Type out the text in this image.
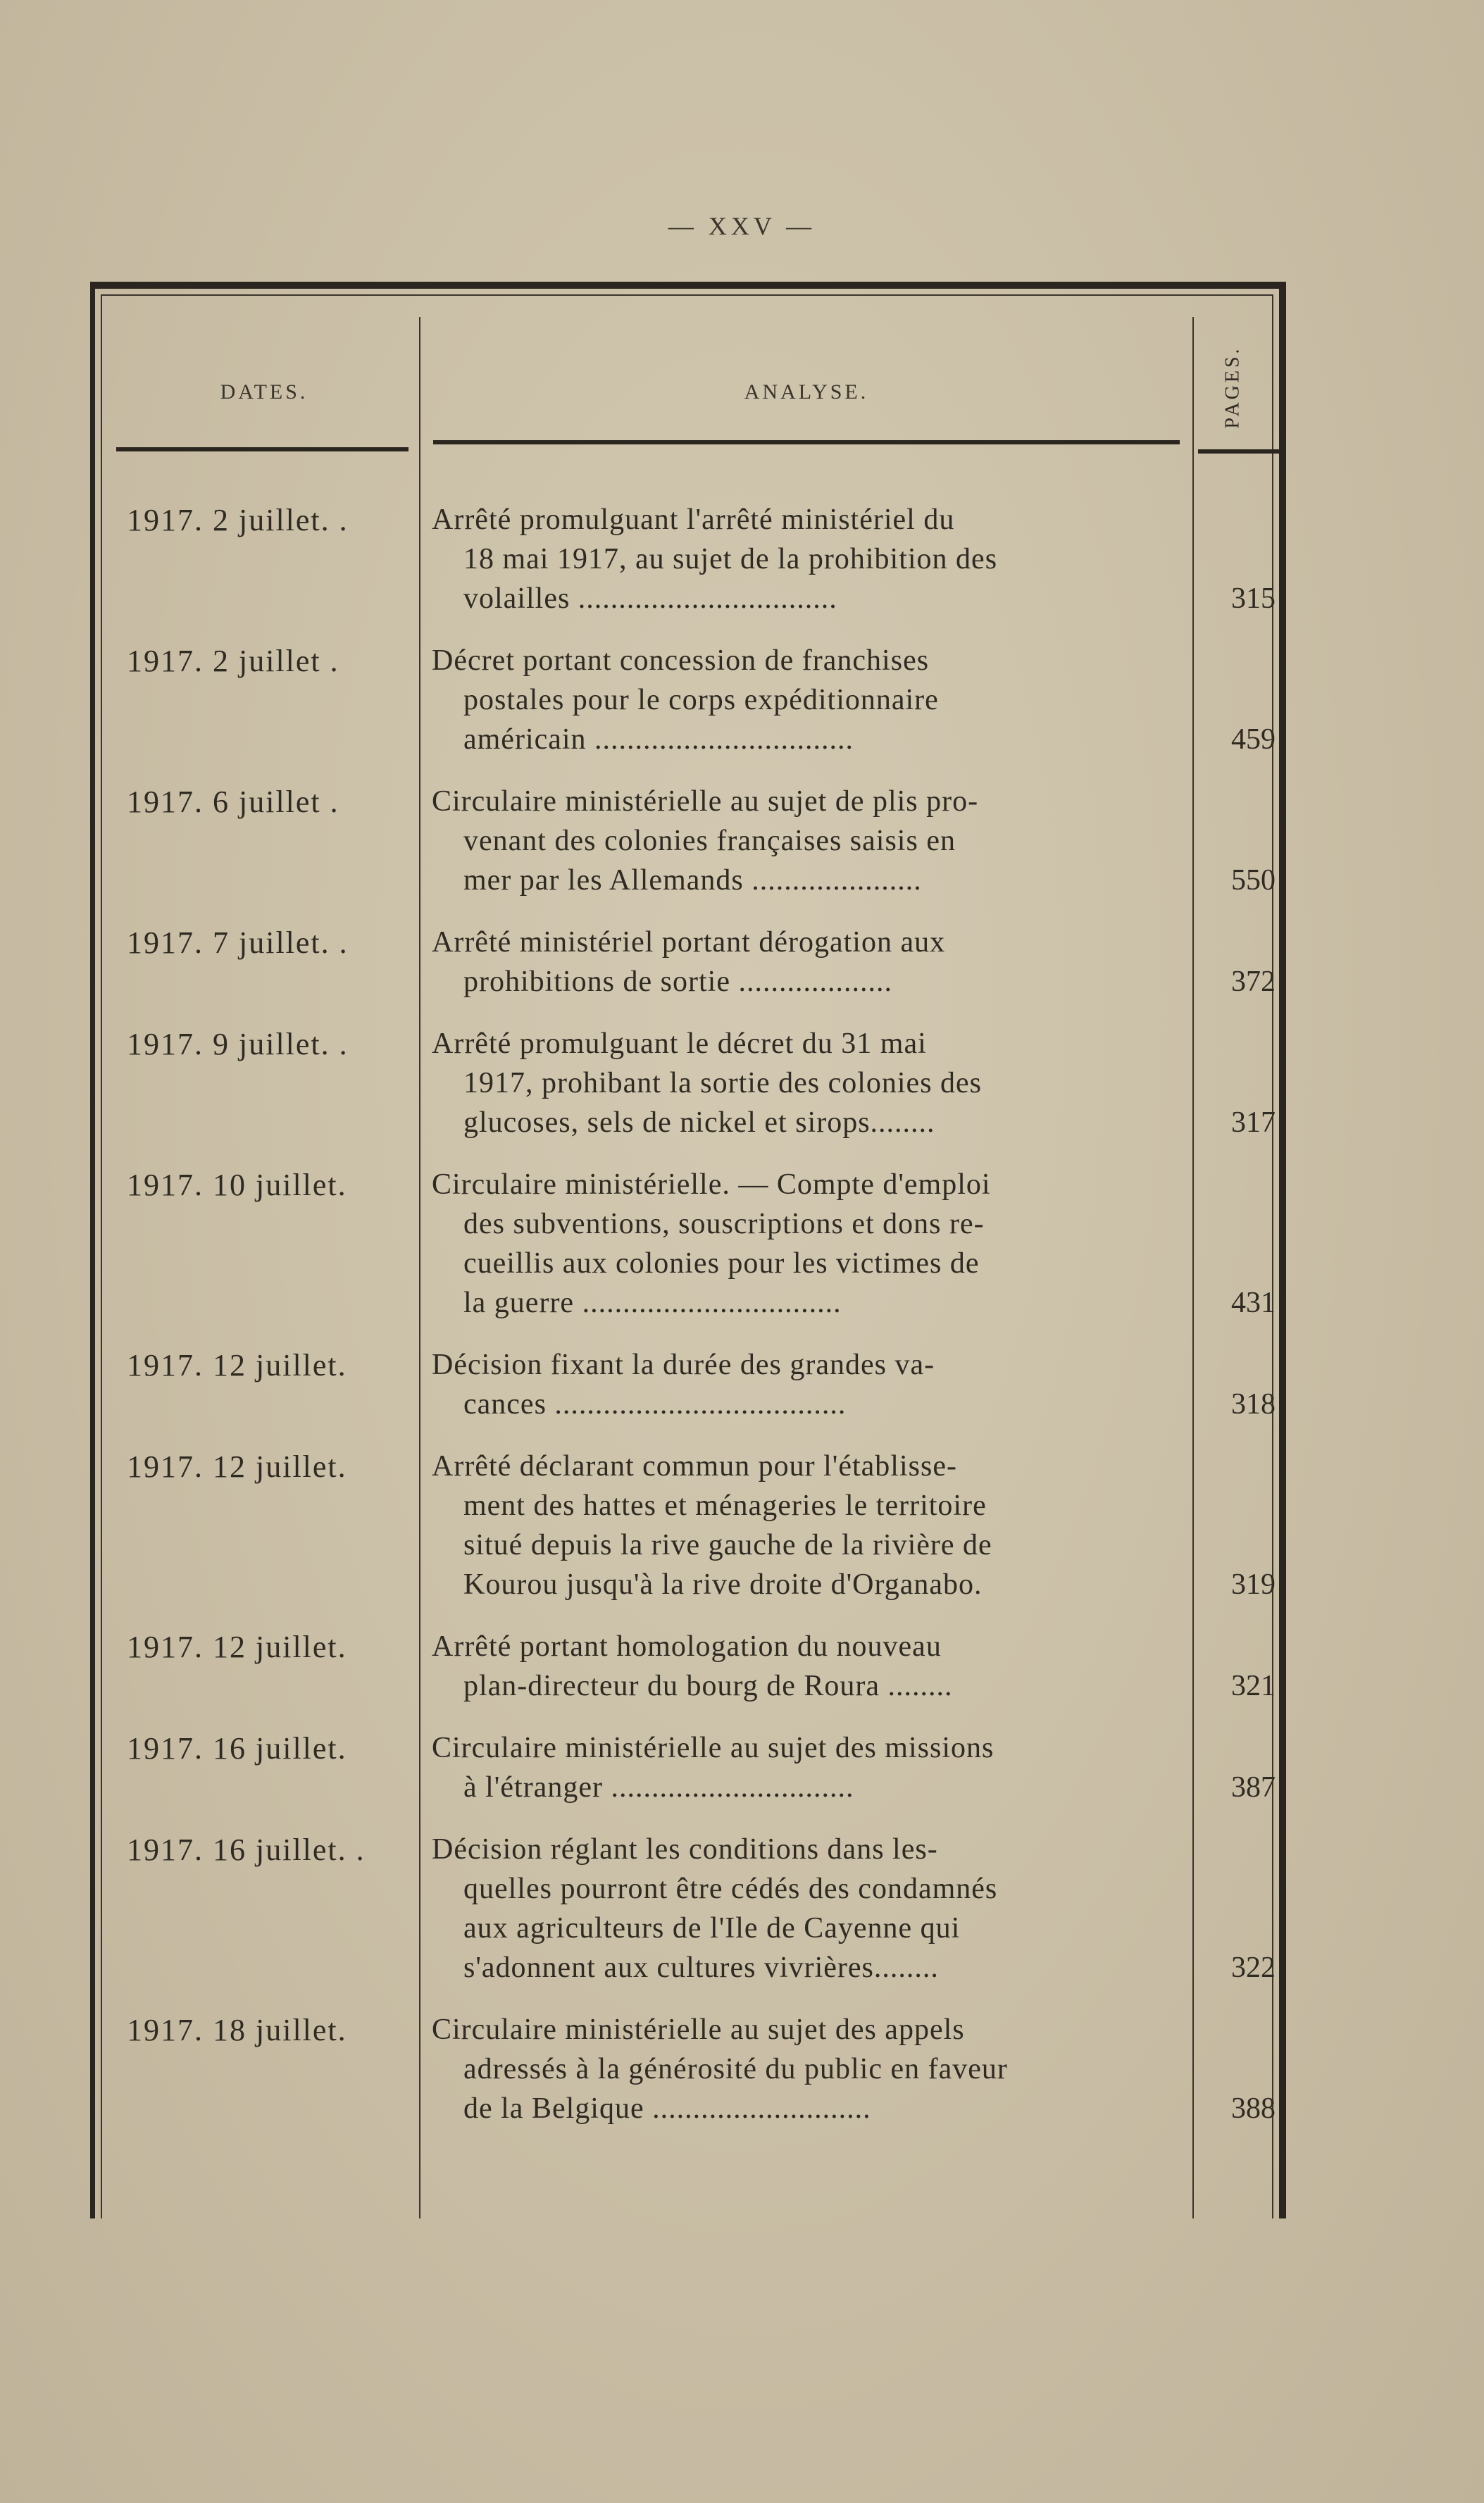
— XXV —
DATES.	ANALYSE.	PAGES.
1917. 2 juillet. .	Arrêté promulguant l'arrêté ministériel du
18 mai 1917, au sujet de la prohibition des
volailles ................................	315
1917. 2 juillet .	Décret portant concession de franchises
postales pour le corps expéditionnaire
américain ................................	459
1917. 6 juillet .	Circulaire ministérielle au sujet de plis pro-
venant des colonies françaises saisis en
mer par les Allemands .....................	550
1917. 7 juillet. .	Arrêté ministériel portant dérogation aux
prohibitions de sortie ...................	372
1917. 9 juillet. .	Arrêté promulguant le décret du 31 mai
1917, prohibant la sortie des colonies des
glucoses, sels de nickel et sirops........	317
1917. 10 juillet.	Circulaire ministérielle. — Compte d'emploi
des subventions, souscriptions et dons re-
cueillis aux colonies pour les victimes de
la guerre ................................	431
1917. 12 juillet.	Décision fixant la durée des grandes va-
cances ....................................	318
1917. 12 juillet.	Arrêté déclarant commun pour l'établisse-
ment des hattes et ménageries le territoire
situé depuis la rive gauche de la rivière de
Kourou jusqu'à la rive droite d'Organabo.	319
1917. 12 juillet.	Arrêté portant homologation du nouveau
plan-directeur du bourg de Roura ........	321
1917. 16 juillet.	Circulaire ministérielle au sujet des missions
à l'étranger ..............................	387
1917. 16 juillet. .	Décision réglant les conditions dans les-
quelles pourront être cédés des condamnés
aux agriculteurs de l'Ile de Cayenne qui
s'adonnent aux cultures vivrières........	322
1917. 18 juillet.	Circulaire ministérielle au sujet des appels
adressés à la générosité du public en faveur
de la Belgique ...........................	388
